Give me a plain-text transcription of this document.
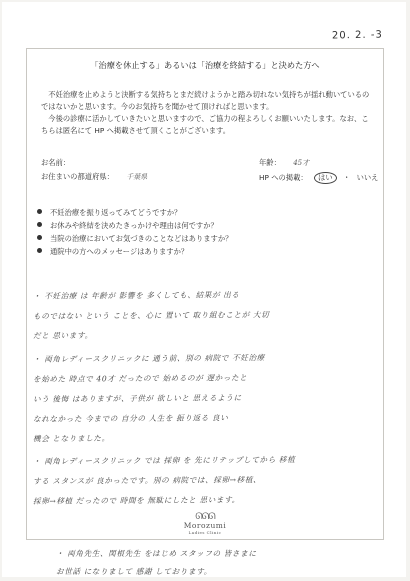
20. 2. -3
「治療を休止する」あるいは「治療を終結する」と決めた方へ

不妊治療を止めようと決断する気持ちとまだ続けようかと踏み切れない気持ちが揺れ動いているのではないかと思います。今のお気持ちを聞かせて頂ければと思います。

今後の診療に活かしていきたいと思いますので、ご協力の程よろしくお願いいたします。なお、こちらは匿名にて HP へ掲載させて頂くことがございます。

お名前：	年齢： 45才
お住まいの都道府県： 千葉県	HP への掲載： はい ・ いいえ
不妊治療を振り返ってみてどうですか？
お休みや終結を決めたきっかけや理由は何ですか？
当院の治療においてお気づきのことなどはありますか？
通院中の方へのメッセージはありますか？
・ 不妊治療 は 年齢が 影響を 多くしても、結果が 出る
ものではない という ことを、心に 置いて 取り組むことが 大切
だと 思います。
・ 両角レディースクリニックに 通う前、別の 病院で 不妊治療
を始めた 時点で 40才 だったので 始めるのが 遅かったと
いう 後悔 はありますが、子供が 欲しいと 思えるように
なれなかった 今までの 自分の 人生を 振り返る 良い
機会 となりました。
・ 両角レディースクリニック では 採卵 を 先にリテップしてから 移植
する スタンスが 良かったです。別の 病院では、採卵→移植、
採卵→移植 だったので 時間を 無駄にしたと 思います。
ᘏᘏᘏ
Morozumi
Ladies Clinic
・ 両角先生、関根先生 をはじめ スタッフの 皆さまに
お世話 になりまして 感謝 しております。
